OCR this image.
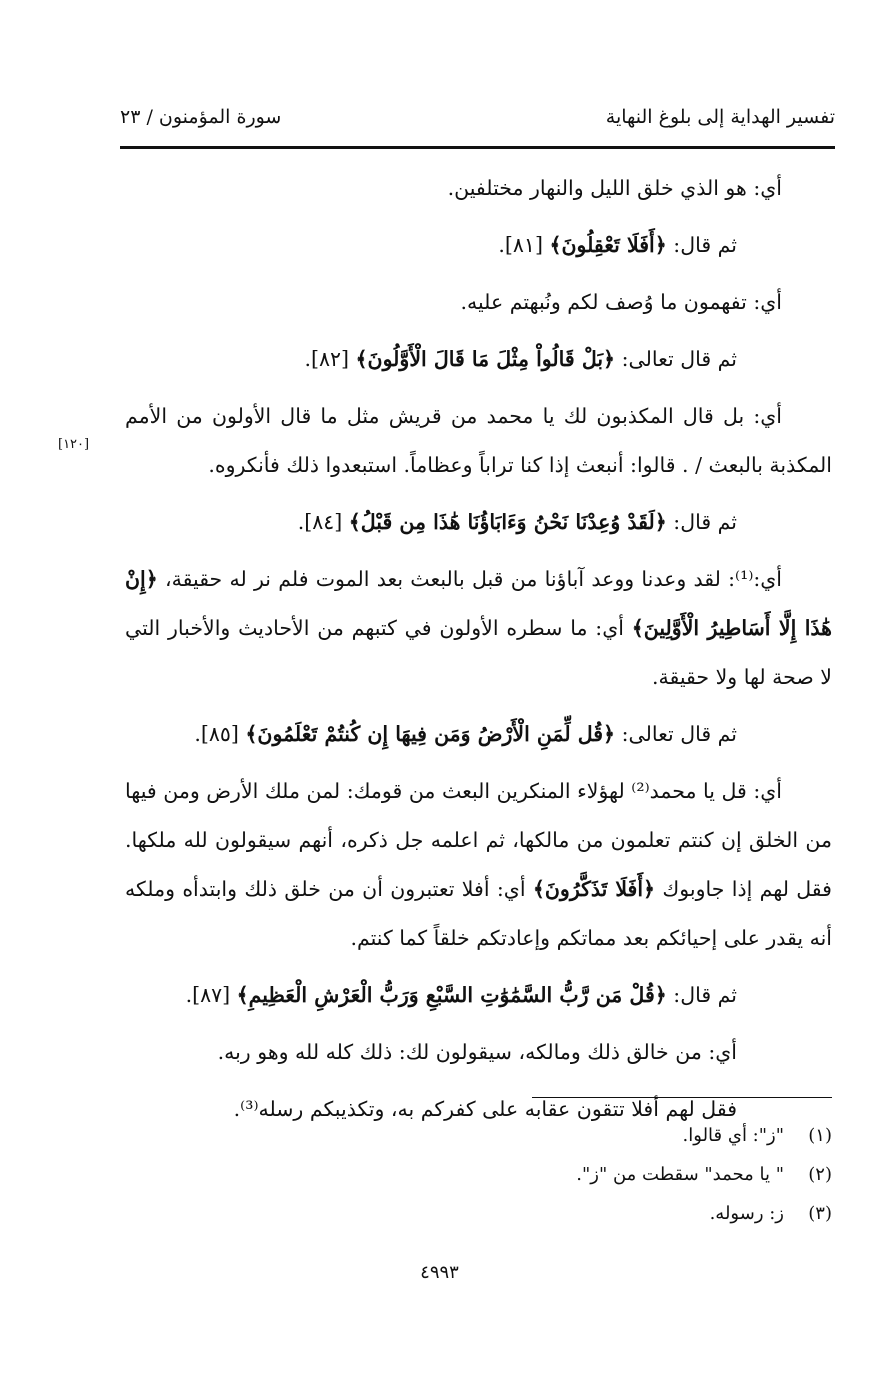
تفسير الهداية إلى بلوغ النهاية
سورة المؤمنون / ٢٣
[١٢٠]

أي: هو الذي خلق الليل والنهار مختلفين.

ثم قال: ﴿أَفَلَا تَعْقِلُونَ﴾ [٨١].

أي: تفهمون ما وُصف لكم ونُبهتم عليه.

ثم قال تعالى: ﴿بَلْ قَالُواْ مِثْلَ مَا قَالَ الْأَوَّلُونَ﴾ [٨٢].

أي: بل قال المكذبون لك يا محمد من قريش مثل ما قال الأولون من الأمم المكذبة بالبعث / . قالوا: أنبعث إذا كنا تراباً وعظاماً. استبعدوا ذلك فأنكروه.

ثم قال: ﴿لَقَدْ وُعِدْنَا نَحْنُ وَءَابَاؤُنَا هَٰذَا مِن قَبْلُ﴾ [٨٤].

أي:⁽¹⁾: لقد وعدنا ووعد آباؤنا من قبل بالبعث بعد الموت فلم نر له حقيقة، ﴿إِنْ هَٰذَا إِلَّا أَسَاطِيرُ الْأَوَّلِينَ﴾ أي: ما سطره الأولون في كتبهم من الأحاديث والأخبار التي لا صحة لها ولا حقيقة.

ثم قال تعالى: ﴿قُل لِّمَنِ الْأَرْضُ وَمَن فِيهَا إِن كُنتُمْ تَعْلَمُونَ﴾ [٨٥].

أي: قل يا محمد⁽²⁾ لهؤلاء المنكرين البعث من قومك: لمن ملك الأرض ومن فيها من الخلق إن كنتم تعلمون من مالكها، ثم اعلمه جل ذكره، أنهم سيقولون لله ملكها. فقل لهم إذا جاوبوك ﴿أَفَلَا تَذَكَّرُونَ﴾ أي: أفلا تعتبرون أن من خلق ذلك وابتدأه وملكه أنه يقدر على إحيائكم بعد مماتكم وإعادتكم خلقاً كما كنتم.

ثم قال: ﴿قُلْ مَن رَّبُّ السَّمَٰوَٰتِ السَّبْعِ وَرَبُّ الْعَرْشِ الْعَظِيمِ﴾ [٨٧].

أي: من خالق ذلك ومالكه، سيقولون لك: ذلك كله لله وهو ربه.

فقل لهم أفلا تتقون عقابه على كفركم به، وتكذيبكم رسله⁽³⁾.

(١)"ز": أي قالوا.
(٢)" يا محمد" سقطت من "ز".
(٣)ز: رسوله.
٤٩٩٣
